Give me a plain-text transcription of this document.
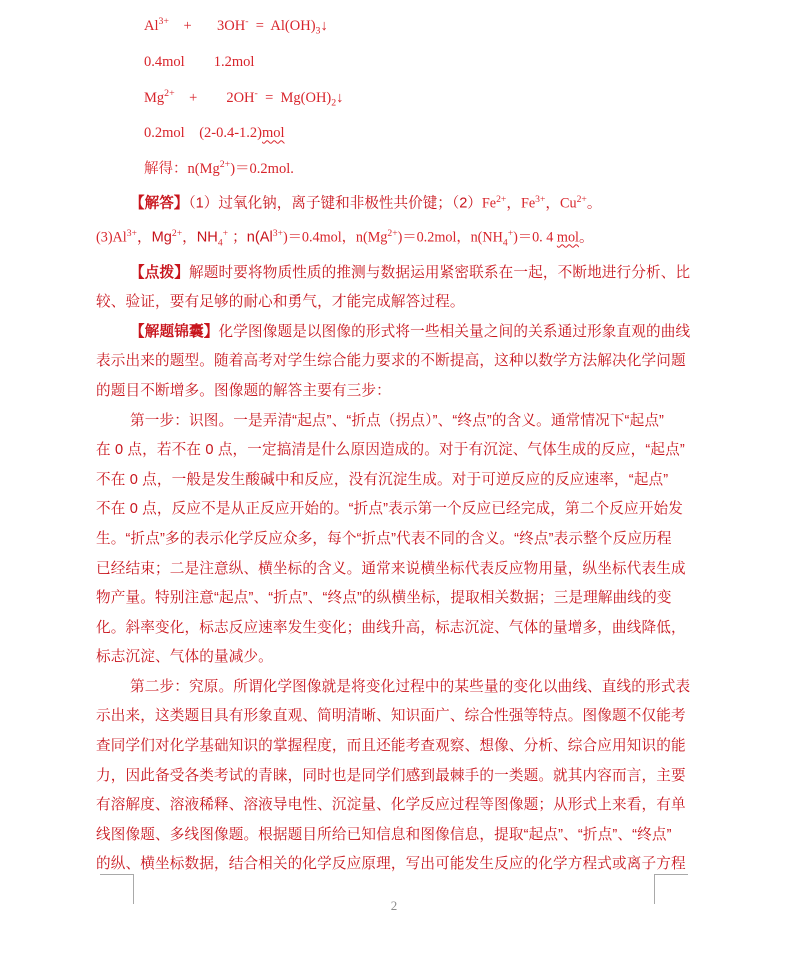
$Al^{3+} + 3OH^-$ = $Al(OH)_3↓$
0.4mol 1.2mol
$Mg^{2+} + 2OH^-$ = $Mg(OH)_2↓$
0.2mol (2-0.4-1.2)mol
解得：$n(Mg^{2+})=0.2mol$.
【解答】（1）过氧化钠，离子键和非极性共价键；$(2)Fe^{2+}$，$Fe^{3+}$，$Cu^{2+}$。
$(3)Al^{3+}$，$Mg^{2+}$，$NH_4^+$ ；$n(Al^{3+})=0.4mol$，$n(Mg^{2+})=0.2mol$，$n(NH_4^+)=0$. 4 mol。
【点拨】解题时要将物质性质的推测与数据运用紧密联系在一起，不断地进行分析、比
较、验证，要有足够的耐心和勇气，才能完成解答过程。
【解题锦囊】化学图像题是以图像的形式将一些相关量之间的关系通过形象直观的曲线
表示出来的题型。随着高考对学生综合能力要求的不断提高，这种以数学方法解决化学问题
的题目不断增多。图像题的解答主要有三步：
第一步：识图。一是弄清“起点”、“折点（拐点）”、“终点”的含义。通常情况下“起点”
在 0 点，若不在 0 点，一定搞清是什么原因造成的。对于有沉淀、气体生成的反应，“起点”
不在 0 点，一般是发生酸碱中和反应，没有沉淀生成。对于可逆反应的反应速率，“起点”
不在 0 点，反应不是从正反应开始的。“折点”表示第一个反应已经完成，第二个反应开始发
生。“折点”多的表示化学反应众多，每个“折点”代表不同的含义。“终点”表示整个反应历程
已经结束；二是注意纵、横坐标的含义。通常来说横坐标代表反应物用量，纵坐标代表生成
物产量。特别注意“起点”、“折点”、“终点”的纵横坐标，提取相关数据；三是理解曲线的变
化。斜率变化，标志反应速率发生变化；曲线升高，标志沉淀、气体的量增多，曲线降低，
标志沉淀、气体的量减少。
第二步：究原。所谓化学图像就是将变化过程中的某些量的变化以曲线、直线的形式表
示出来，这类题目具有形象直观、简明清晰、知识面广、综合性强等特点。图像题不仅能考
查同学们对化学基础知识的掌握程度，而且还能考查观察、想像、分析、综合应用知识的能
力，因此备受各类考试的青睐，同时也是同学们感到最棘手的一类题。就其内容而言，主要
有溶解度、溶液稀释、溶液导电性、沉淀量、化学反应过程等图像题；从形式上来看，有单
线图像题、多线图像题。根据题目所给已知信息和图像信息，提取“起点”、“折点”、“终点”
的纵、横坐标数据，结合相关的化学反应原理，写出可能发生反应的化学方程式或离子方程
2
